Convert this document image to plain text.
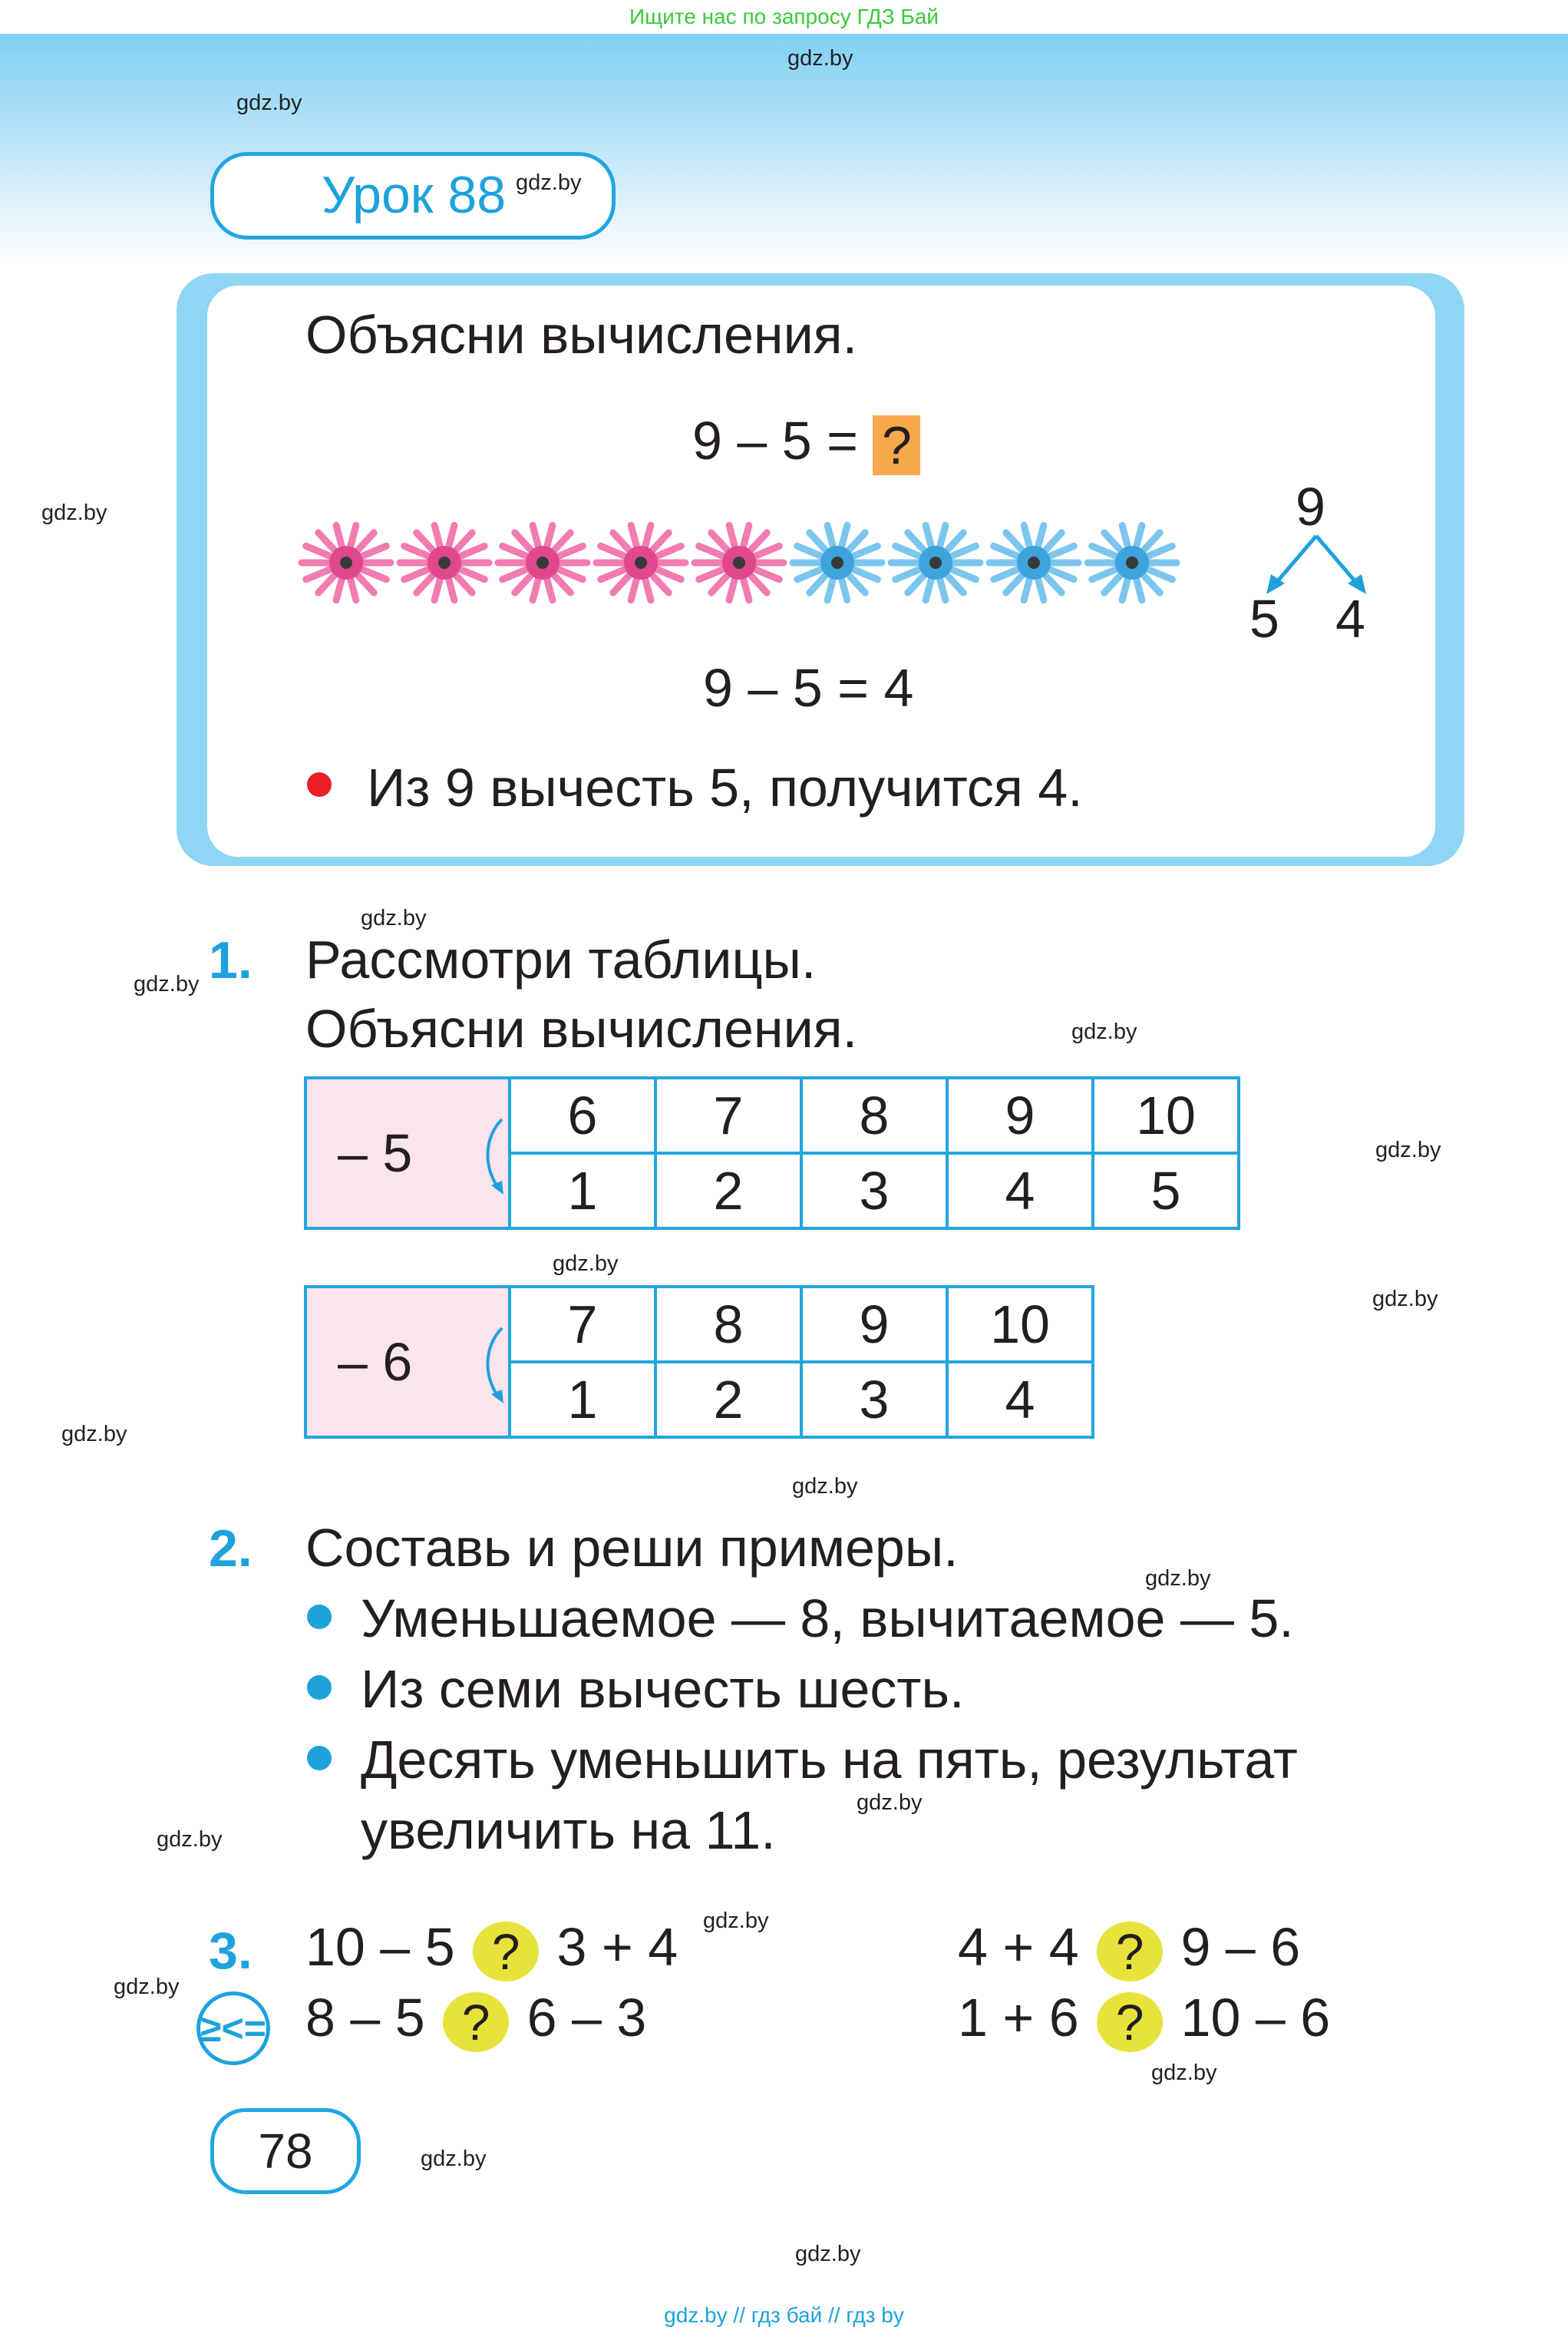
Ищите нас по запросу ГДЗ Бай
gdz.by
gdz.by
gdz.by
gdz.by
gdz.by
gdz.by
gdz.by
gdz.by
gdz.by
gdz.by
gdz.by
gdz.by
gdz.by
gdz.by
gdz.by
gdz.by
gdz.by
gdz.by
gdz.by
Урок 88 gdz.by
Объясни вычисления.
9 – 5 = ?
9
5 4
9 – 5 = 4
Из 9 вычесть 5, получится 4.
1. Рассмотри таблицы.
Объясни вычисления.
– 5	6	7	8	9	10
	1	2	3	4	5
– 6	7	8	9	10
	1	2	3	4
2. Составь и реши примеры.
Уменьшаемое — 8, вычитаемое — 5.
Из семи вычесть шесть.
Десять уменьшить на пять, результат
увеличить на 11.
3.
≥<=
10 – 5 ? 3 + 4	4 + 4 ? 9 – 6
8 – 5 ? 6 – 3	1 + 6 ? 10 – 6
78
gdz.by // гдз бай // гдз by
